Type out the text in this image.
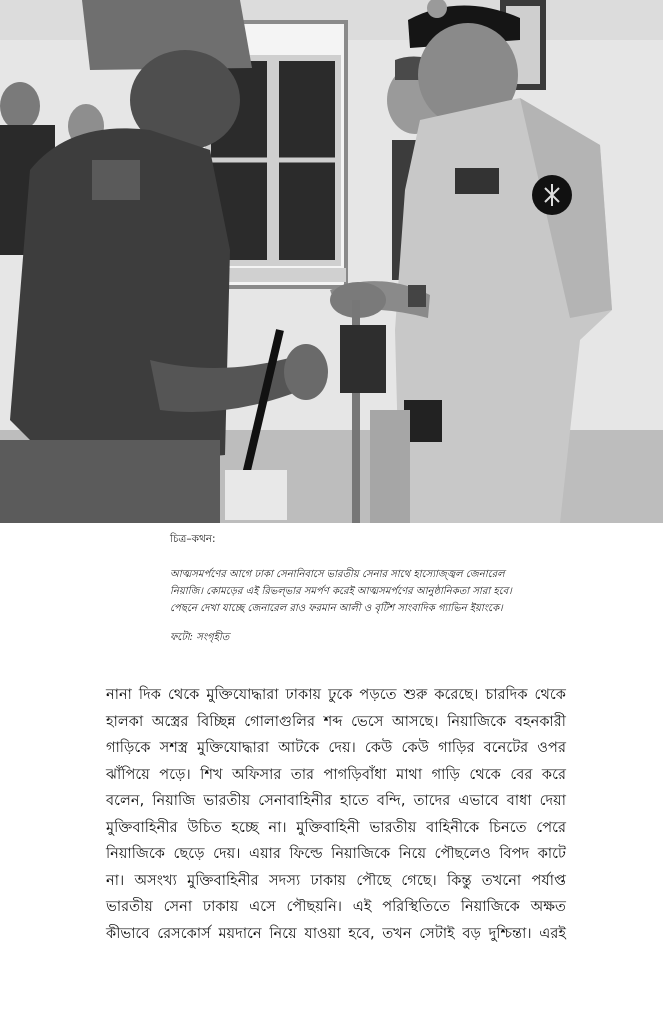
চিত্র–কথন:
আত্মসমর্পণের আগে ঢাকা সেনানিবাসে ভারতীয় সেনার সাথে হাস্যোজ্জ্বল জেনারেল
নিয়াজি। কোমড়ের এই রিভল্ভার সমর্পণ করেই আত্মসমর্পণের আনুষ্ঠানিকতা সারা হবে।
পেছনে দেখা যাচ্ছে জেনারেল রাও ফরমান আলী ও বৃটিশ সাংবাদিক গ্যাভিন ইয়াংকে।
ফটো: সংগৃহীত
নানা দিক থেকে মুক্তিযোদ্ধারা ঢাকায় ঢুকে পড়তে শুরু করেছে। চারদিক থেকে
হালকা অস্ত্রের বিচ্ছিন্ন গোলাগুলির শব্দ ভেসে আসছে। নিয়াজিকে বহনকারী
গাড়িকে সশস্ত্র মুক্তিযোদ্ধারা আটকে দেয়। কেউ কেউ গাড়ির বনেটের ওপর
ঝাঁপিয়ে পড়ে। শিখ অফিসার তার পাগড়িবাঁধা মাথা গাড়ি থেকে বের করে
বলেন, নিয়াজি ভারতীয় সেনাবাহিনীর হাতে বন্দি, তাদের এভাবে বাধা দেয়া
মুক্তিবাহিনীর উচিত হচ্ছে না। মুক্তিবাহিনী ভারতীয় বাহিনীকে চিনতে পেরে
নিয়াজিকে ছেড়ে দেয়। এয়ার ফিল্ডে নিয়াজিকে নিয়ে পৌছলেও বিপদ কাটে
না। অসংখ্য মুক্তিবাহিনীর সদস্য ঢাকায় পৌছে গেছে। কিন্তু তখনো পর্যাপ্ত
ভারতীয় সেনা ঢাকায় এসে পৌছয়নি। এই পরিস্থিতিতে নিয়াজিকে অক্ষত
কীভাবে রেসকোর্স ময়দানে নিয়ে যাওয়া হবে, তখন সেটাই বড় দুশ্চিন্তা। এরই
